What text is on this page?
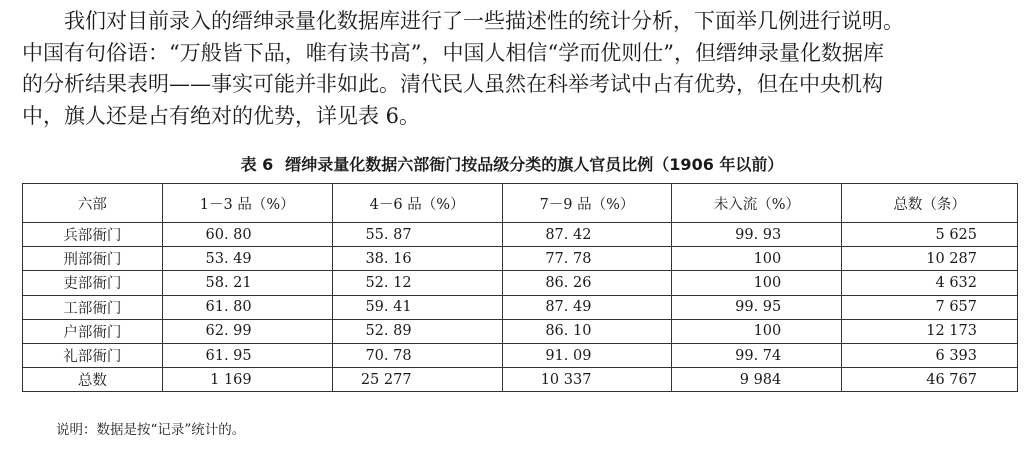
我们对目前录入的缙绅录量化数据库进行了一些描述性的统计分析，下面举几例进行说明。
中国有句俗语：“万般皆下品，唯有读书高”，中国人相信“学而优则仕”，但缙绅录量化数据库
的分析结果表明——事实可能并非如此。清代民人虽然在科举考试中占有优势，但在中央机构
中，旗人还是占有绝对的优势，详见表 6。

表 6 缙绅录量化数据六部衙门按品级分类的旗人官员比例（1906 年以前）
六部	1－3 品（%）	4－6 品（%）	7－9 品（%）	未入流（%）	总数（条）
兵部衙门	60. 80	55. 87	87. 42	99. 93	5 625
刑部衙门	53. 49	38. 16	77. 78	100	10 287
吏部衙门	58. 21	52. 12	86. 26	100	4 632
工部衙门	61. 80	59. 41	87. 49	99. 95	7 657
户部衙门	62. 99	52. 89	86. 10	100	12 173
礼部衙门	61. 95	70. 78	91. 09	99. 74	6 393
总数	1 169	25 277	10 337	9 984	46 767
说明：数据是按“记录”统计的。
